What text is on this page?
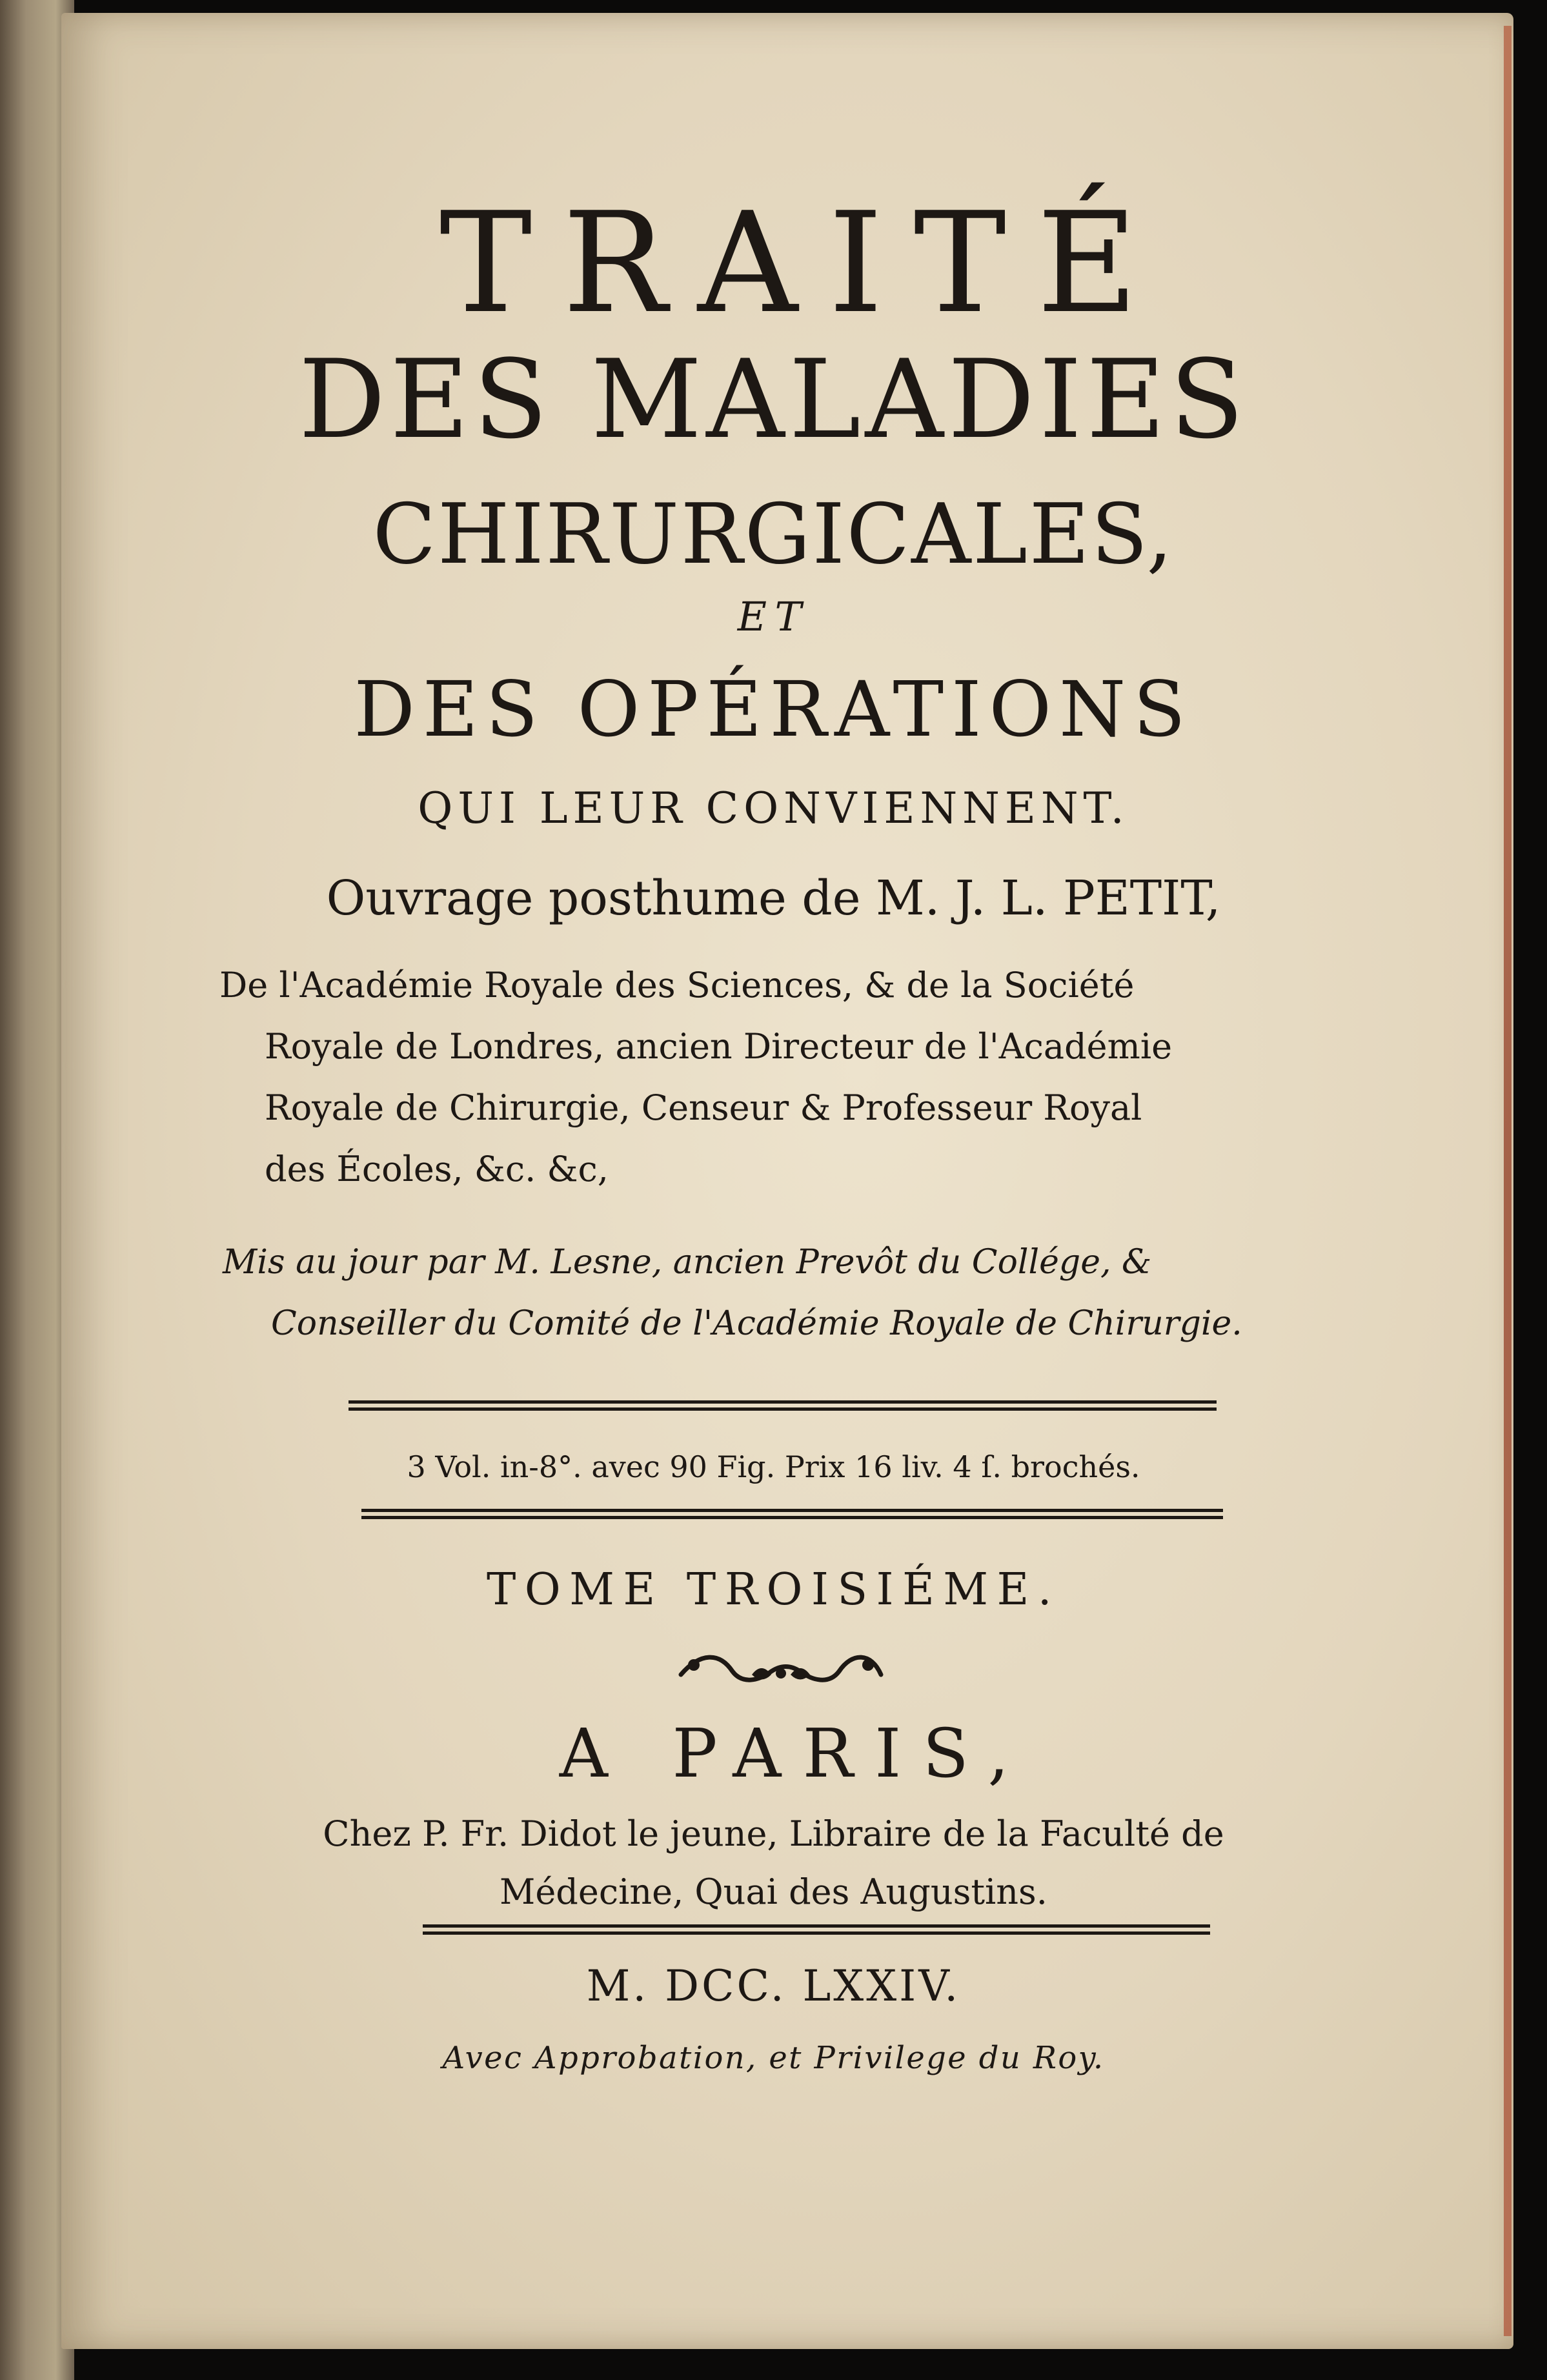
TRAITÉ
DES MALADIES
CHIRURGICALES,
ET
DES OPÉRATIONS
QUI LEUR CONVIENNENT.
Ouvrage posthume de M. J. L. PETIT,
De l'Académie Royale des Sciences, & de la Société
Royale de Londres, ancien Directeur de l'Académie
Royale de Chirurgie, Censeur & Professeur Royal
des Écoles, &c. &c,
Mis au jour par M. Lesne, ancien Prevôt du Collége, &
Conseiller du Comité de l'Académie Royale de Chirurgie.
3 Vol. in-8°. avec 90 Fig. Prix 16 liv. 4 ſ. brochés.
TOME TROISIÉME.
A PARIS,
Chez P. Fr. Didot le jeune, Libraire de la Faculté de
Médecine, Quai des Augustins.
M. DCC. LXXIV.
Avec Approbation, et Privilege du Roy.
